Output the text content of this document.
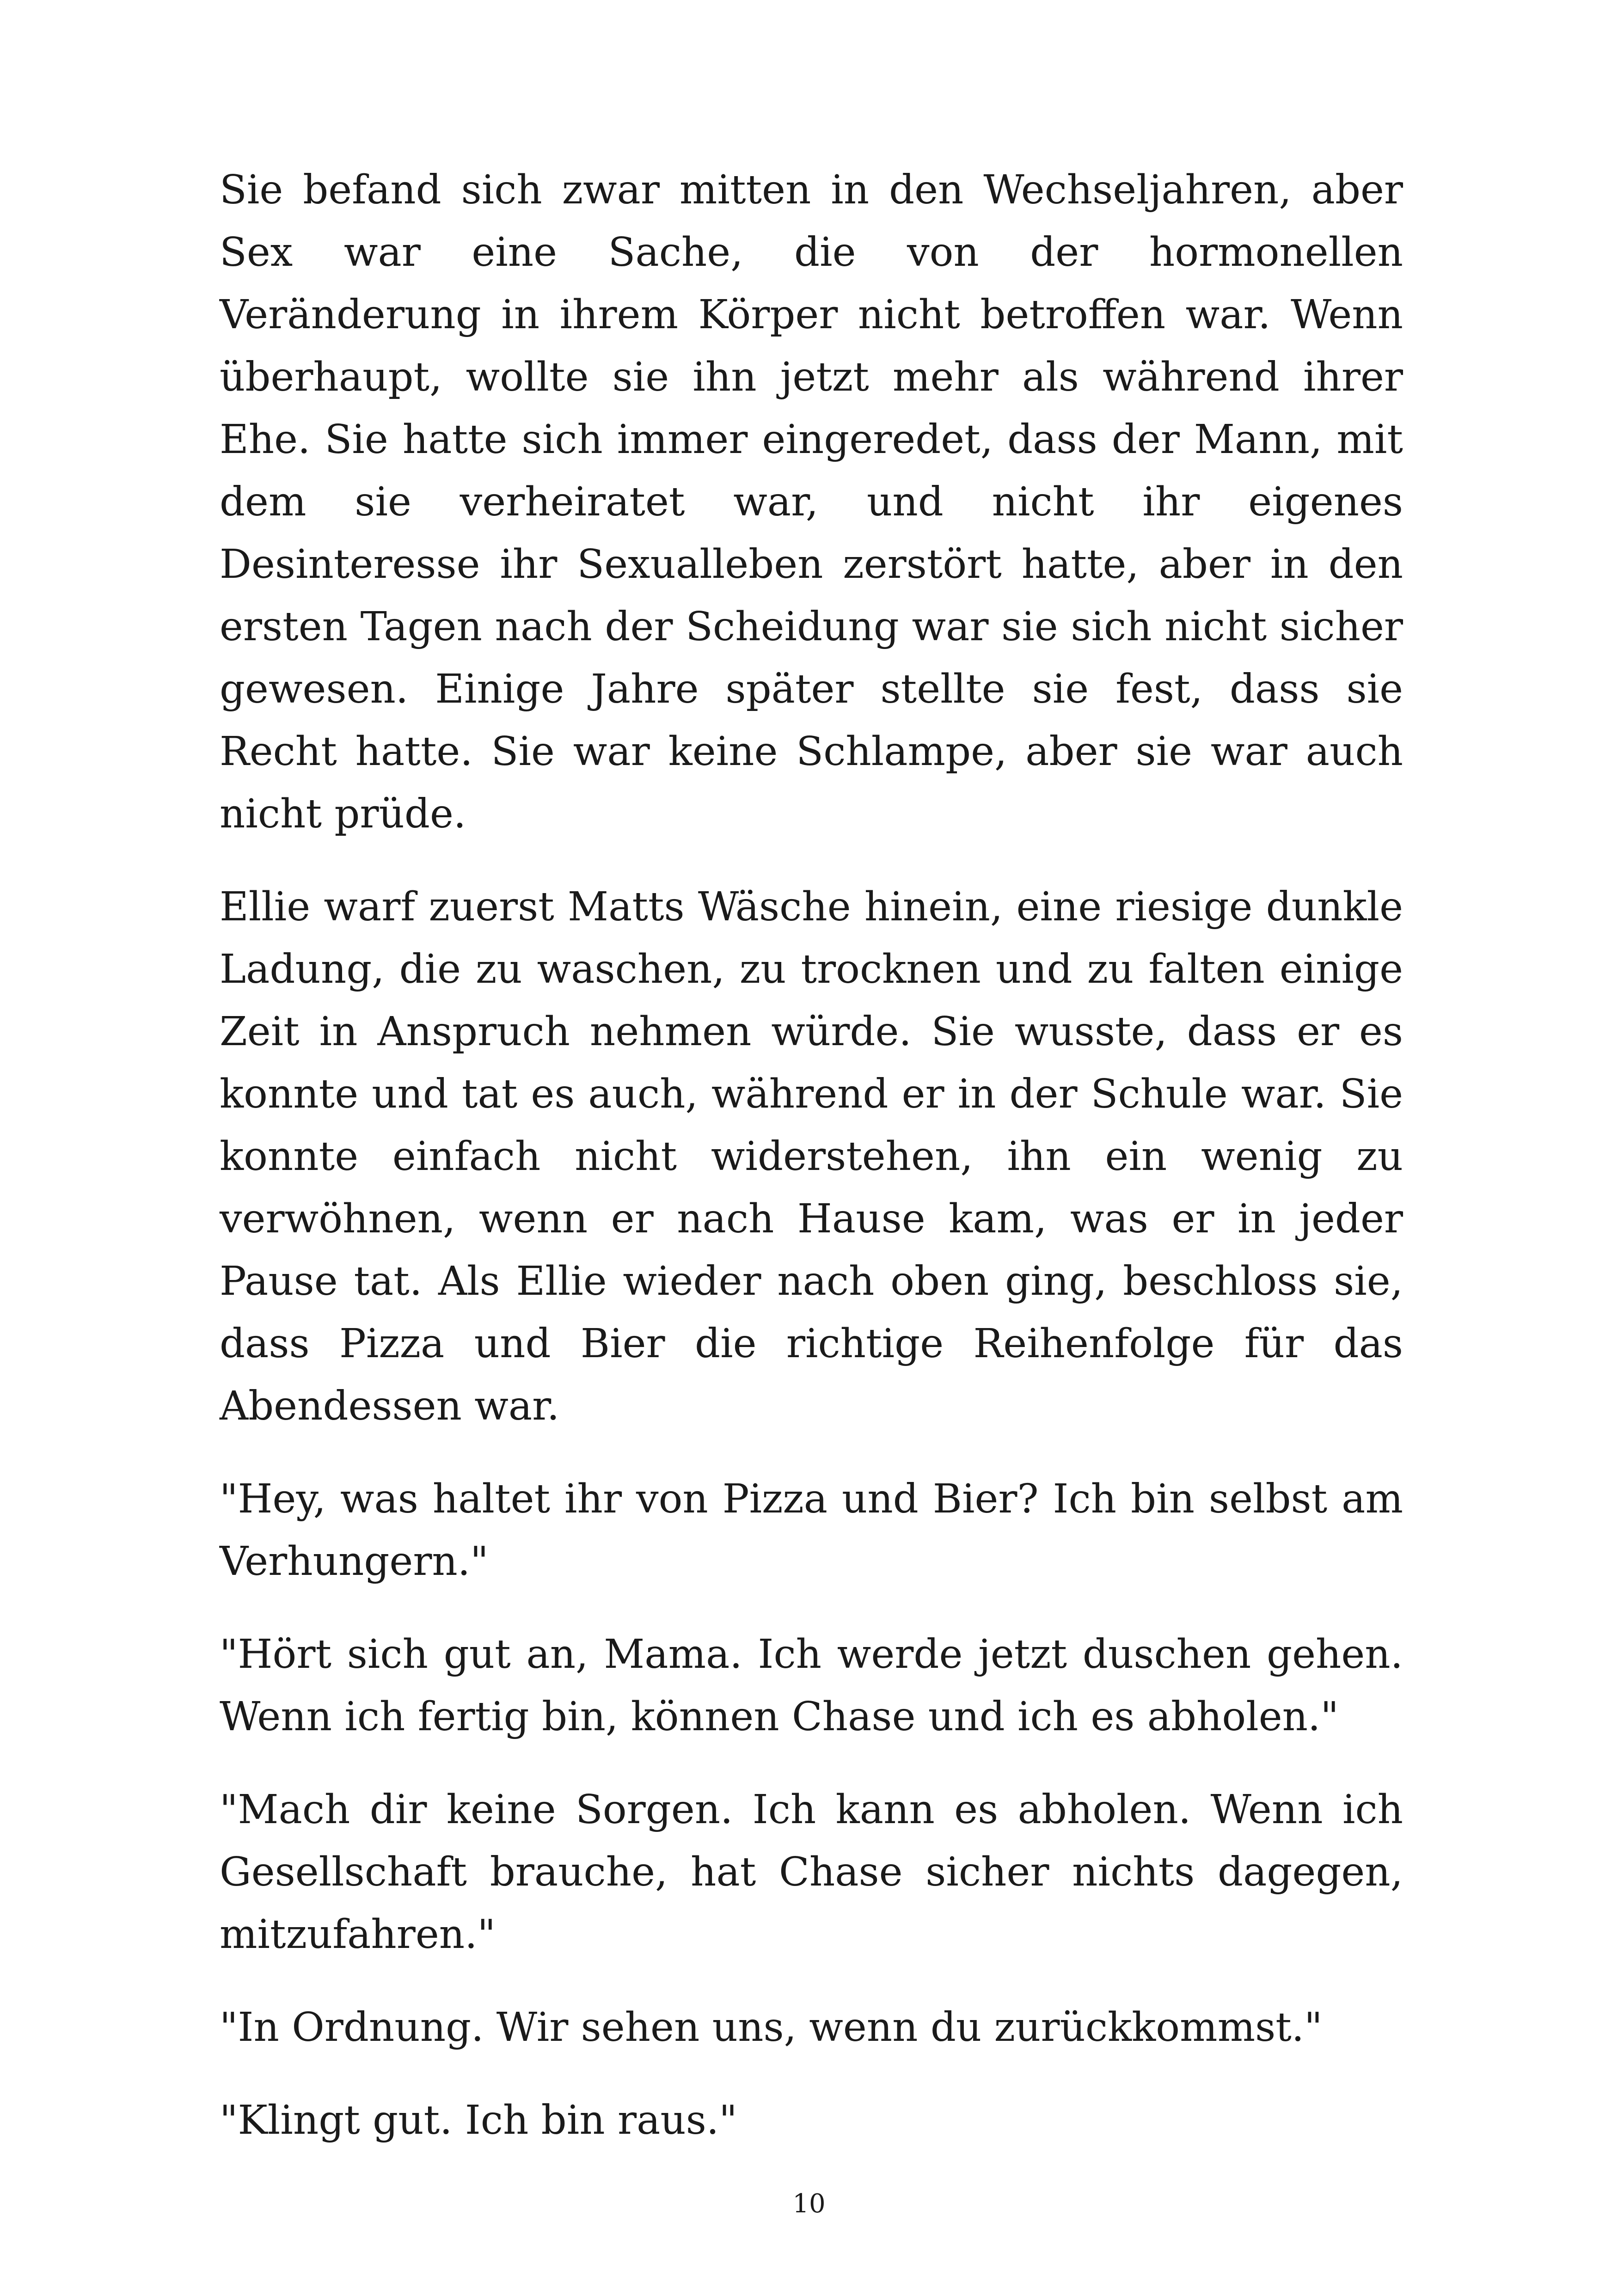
Sie befand sich zwar mitten in den Wechseljahren, aber Sex war eine Sache, die von der hormonellen Veränderung in ihrem Körper nicht betroffen war. Wenn überhaupt, wollte sie ihn jetzt mehr als während ihrer Ehe. Sie hatte sich immer eingeredet, dass der Mann, mit dem sie verheiratet war, und nicht ihr eigenes Desinteresse ihr Sexualleben zerstört hatte, aber in den ersten Tagen nach der Scheidung war sie sich nicht sicher gewesen. Einige Jahre später stellte sie fest, dass sie Recht hatte. Sie war keine Schlampe, aber sie war auch nicht prüde.

Ellie warf zuerst Matts Wäsche hinein, eine riesige dunkle Ladung, die zu waschen, zu trocknen und zu falten einige Zeit in Anspruch nehmen würde. Sie wusste, dass er es konnte und tat es auch, während er in der Schule war. Sie konnte einfach nicht widerstehen, ihn ein wenig zu verwöhnen, wenn er nach Hause kam, was er in jeder Pause tat. Als Ellie wieder nach oben ging, beschloss sie, dass Pizza und Bier die richtige Reihenfolge für das Abendessen war.

"Hey, was haltet ihr von Pizza und Bier? Ich bin selbst am Verhungern."

"Hört sich gut an, Mama. Ich werde jetzt duschen gehen. Wenn ich fertig bin, können Chase und ich es abholen."

"Mach dir keine Sorgen. Ich kann es abholen. Wenn ich Gesellschaft brauche, hat Chase sicher nichts dagegen, mitzufahren."

"In Ordnung. Wir sehen uns, wenn du zurückkommst."

"Klingt gut. Ich bin raus."

10
